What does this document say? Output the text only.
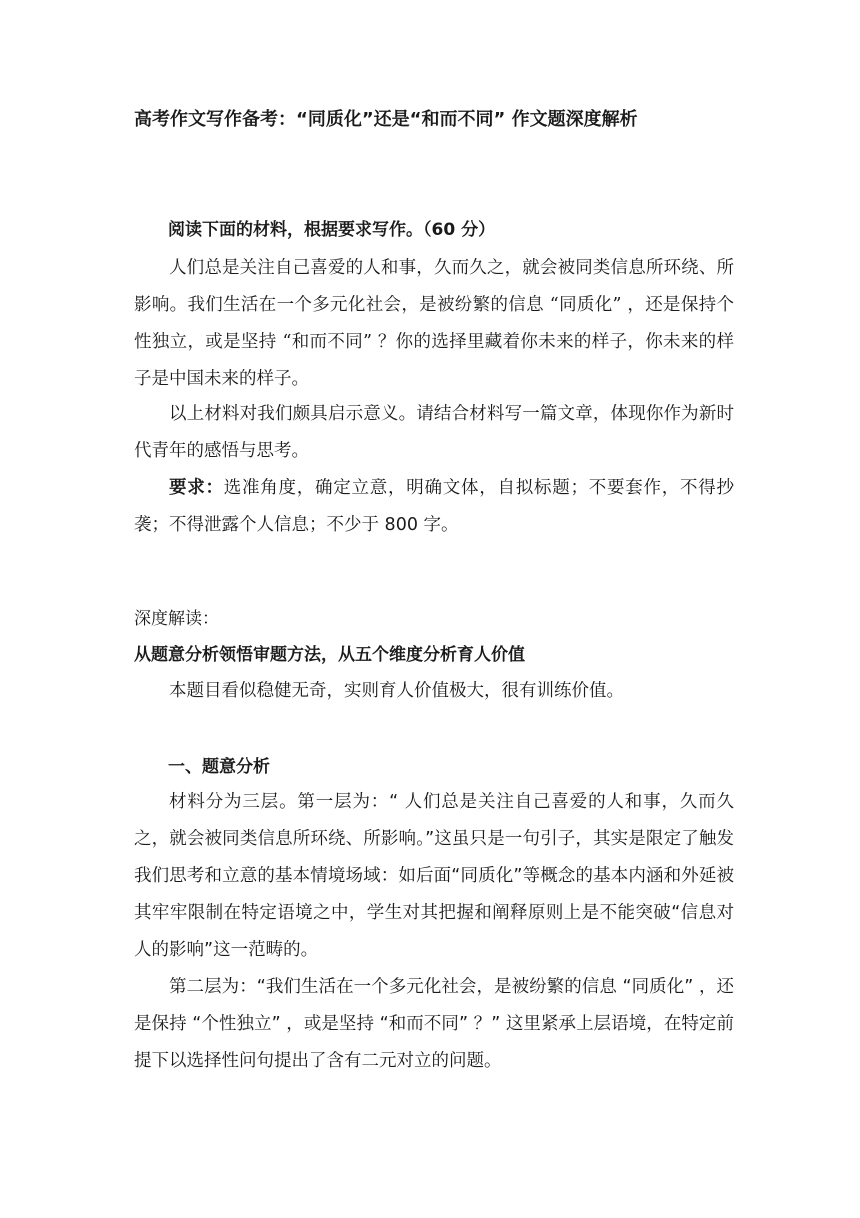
高考作文写作备考：“同质化”还是“和而不同” 作文题深度解析
阅读下面的材料，根据要求写作。（60 分）
人们总是关注自己喜爱的人和事，久而久之，就会被同类信息所环绕、所影响。我们生活在一个多元化社会，是被纷繁的信息 “同质化” ，还是保持个性独立，或是坚持 “和而不同” ？你的选择里藏着你未来的样子，你未来的样子是中国未来的样子。
以上材料对我们颇具启示意义。请结合材料写一篇文章，体现你作为新时代青年的感悟与思考。
要求：选准角度，确定立意，明确文体，自拟标题；不要套作，不得抄袭；不得泄露个人信息；不少于 800 字。
深度解读：
从题意分析领悟审题方法，从五个维度分析育人价值
本题目看似稳健无奇，实则育人价值极大，很有训练价值。
一、题意分析
材料分为三层。第一层为：“ 人们总是关注自己喜爱的人和事，久而久之，就会被同类信息所环绕、所影响。”这虽只是一句引子，其实是限定了触发我们思考和立意的基本情境场域：如后面“同质化”等概念的基本内涵和外延被其牢牢限制在特定语境之中，学生对其把握和阐释原则上是不能突破“信息对人的影响”这一范畴的。
第二层为：“我们生活在一个多元化社会，是被纷繁的信息 “同质化” ，还是保持 “个性独立” ，或是坚持 “和而不同” ？” 这里紧承上层语境，在特定前提下以选择性问句提出了含有二元对立的问题。
